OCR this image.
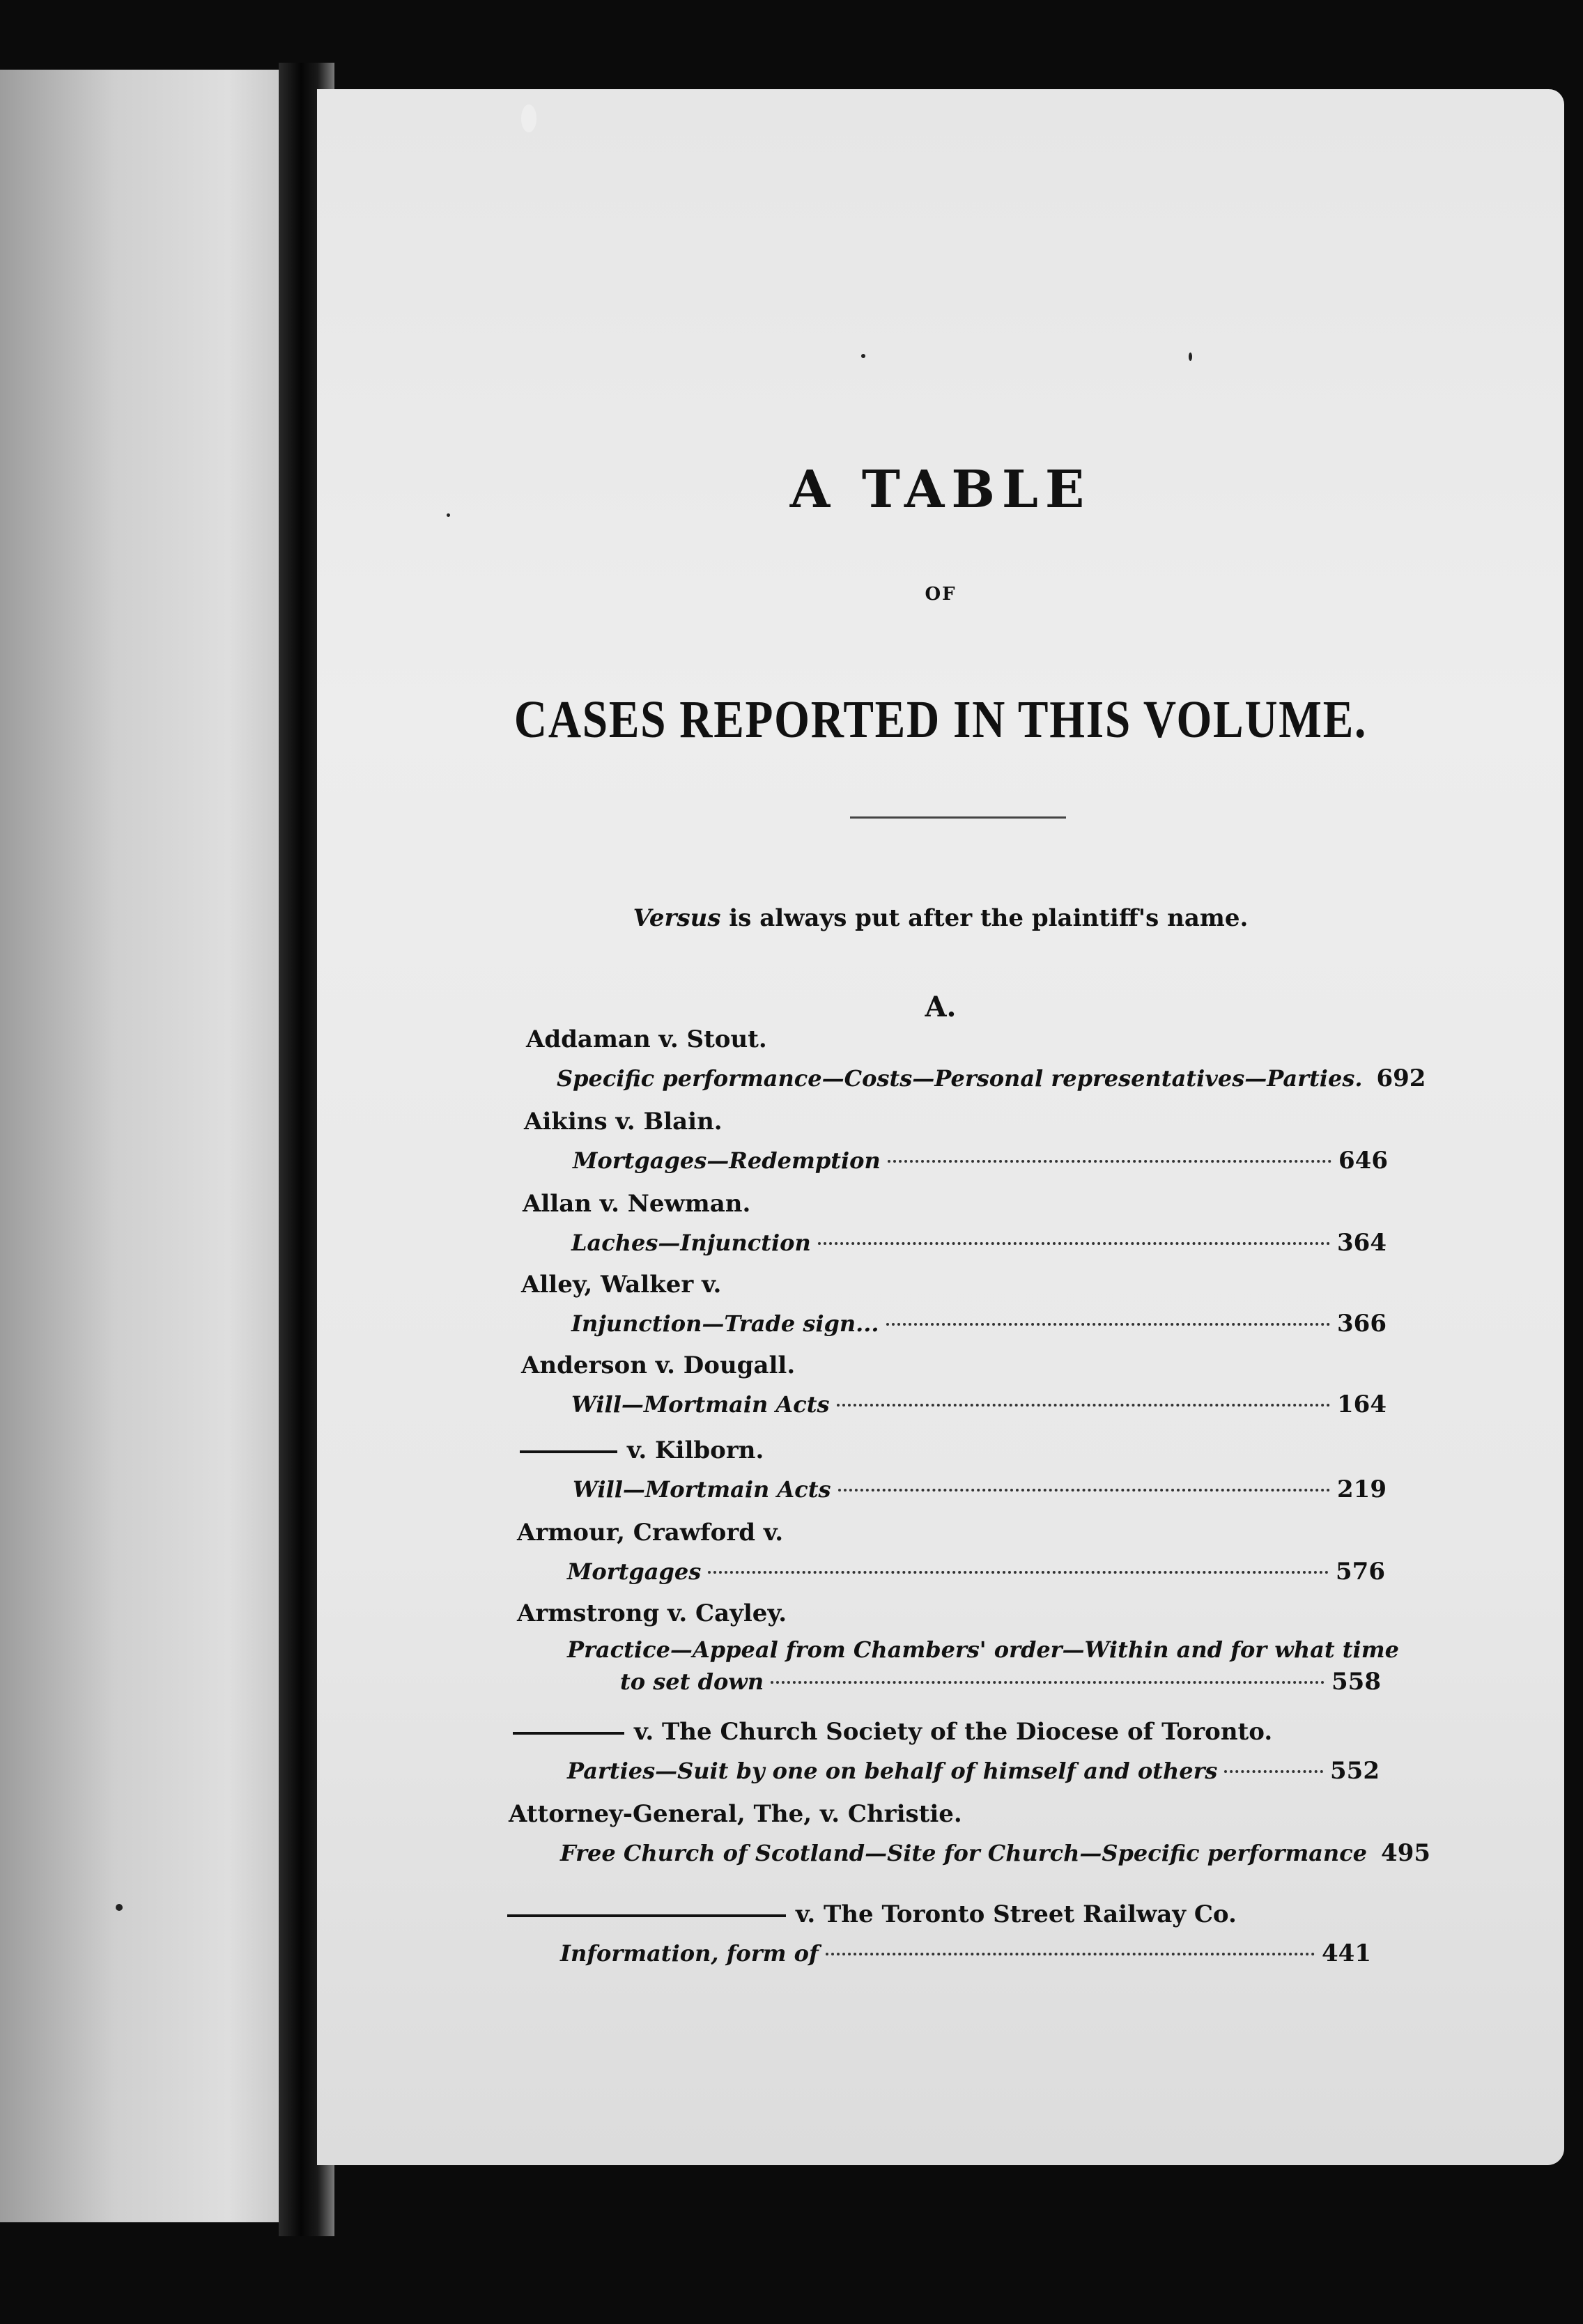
A TABLE
OF
CASES REPORTED IN THIS VOLUME.
Versus is always put after the plaintiff's name.
A.
Addaman v. Stout.
Specific performance—Costs—Personal representatives—Parties. 692
Aikins v. Blain.
Mortgages—Redemption	646
Allan v. Newman.
Laches—Injunction	364
Alley, Walker v.
Injunction—Trade sign...	366
Anderson v. Dougall.
Will—Mortmain Acts	164
v. Kilborn.
Will—Mortmain Acts	219
Armour, Crawford v.
Mortgages	576
Armstrong v. Cayley.
Practice—Appeal from Chambers' order—Within and for what time
to set down	558
v. The Church Society of the Diocese of Toronto.
Parties—Suit by one on behalf of himself and others	552
Attorney-General, The, v. Christie.
Free Church of Scotland—Site for Church—Specific performance 495
v. The Toronto Street Railway Co.
Information, form of	441
